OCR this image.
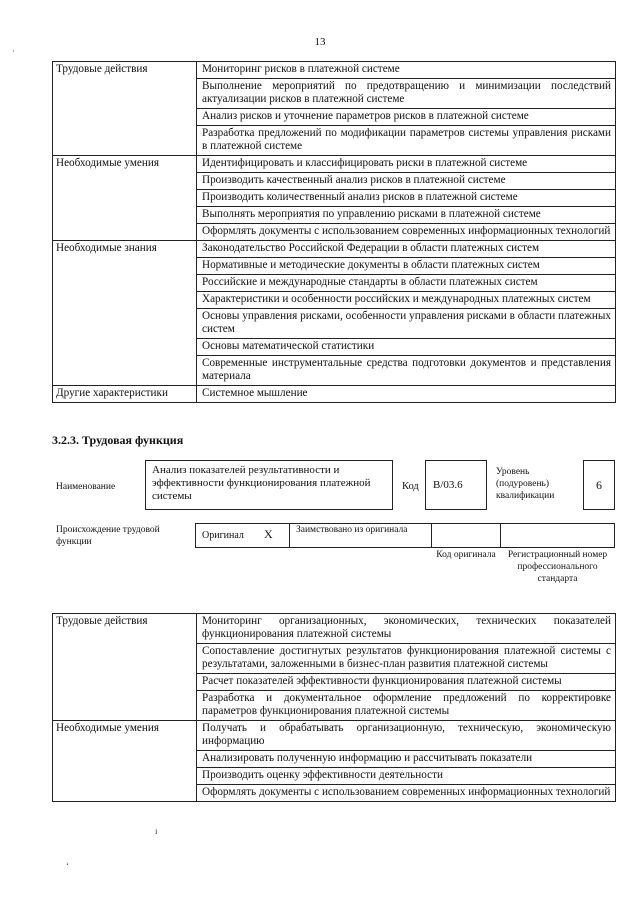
13
Трудовые действия	Мониторинг рисков в платежной системе
	Выполнение мероприятий по предотвращению и минимизации последствий актуализации рисков в платежной системе
	Анализ рисков и уточнение параметров рисков в платежной системе
	Разработка предложений по модификации параметров системы управления рисками в платежной системе
Необходимые умения	Идентифицировать и классифицировать риски в платежной системе
	Производить качественный анализ рисков в платежной системе
	Производить количественный анализ рисков в платежной системе
	Выполнять мероприятия по управлению рисками в платежной системе
	Оформлять документы с использованием современных информационных технологий
Необходимые знания	Законодательство Российской Федерации в области платежных систем
	Нормативные и методические документы в области платежных систем
	Российские и международные стандарты в области платежных систем
	Характеристики и особенности российских и международных платежных систем
	Основы управления рисками, особенности управления рисками в области платежных систем
	Основы математической статистики
	Современные инструментальные средства подготовки документов и представления материала
Другие характеристики	Системное мышление
3.2.3. Трудовая функция
Наименование
Анализ показателей результативности и эффективности функционирования платежной системы
Код B/03.6
Уровень (подуровень) квалификации
6
Происхождение трудовой функции
Оригинал X Заимствовано из оригинала
Код оригинала	Регистрационный номер профессионального стандарта
Трудовые действия	Мониторинг организационных, экономических, технических показателей функционирования платежной системы
	Сопоставление достигнутых результатов функционирования платежной системы с результатами, заложенными в бизнес-план развития платежной системы
	Расчет показателей эффективности функционирования платежной системы
	Разработка и документальное оформление предложений по корректировке параметров функционирования платежной системы
Необходимые умения	Получать и обрабатывать организационную, техническую, экономическую информацию
	Анализировать полученную информацию и рассчитывать показатели
	Производить оценку эффективности деятельности
	Оформлять документы с использованием современных информационных технологий
·
ı
ʻ
